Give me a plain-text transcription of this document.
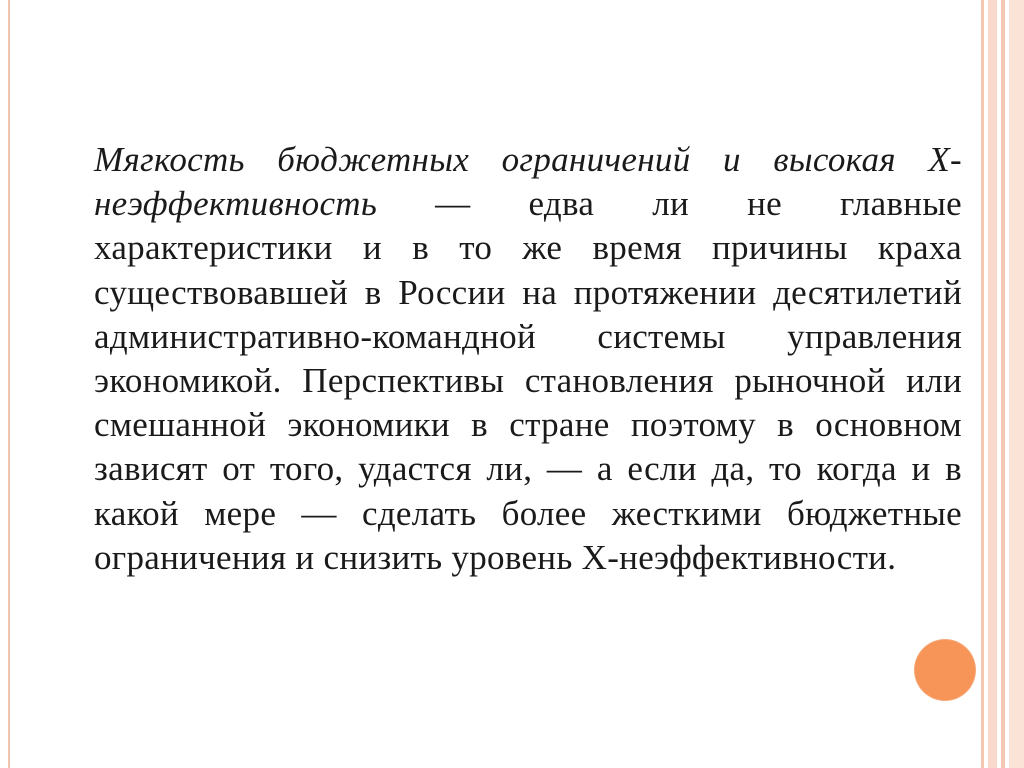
Мягкость бюджетных ограничений и высокая Х-неэффективность — едва ли не главные характеристики и в то же время причины краха существовавшей в России на протяжении десятилетий административно-командной системы управления экономикой. Перспективы становления рыночной или смешанной экономики в стране поэтому в основном зависят от того, удастся ли, — а если да, то когда и в какой мере — сделать более жесткими бюджетные ограничения и снизить уровень Х-неэффективности.
